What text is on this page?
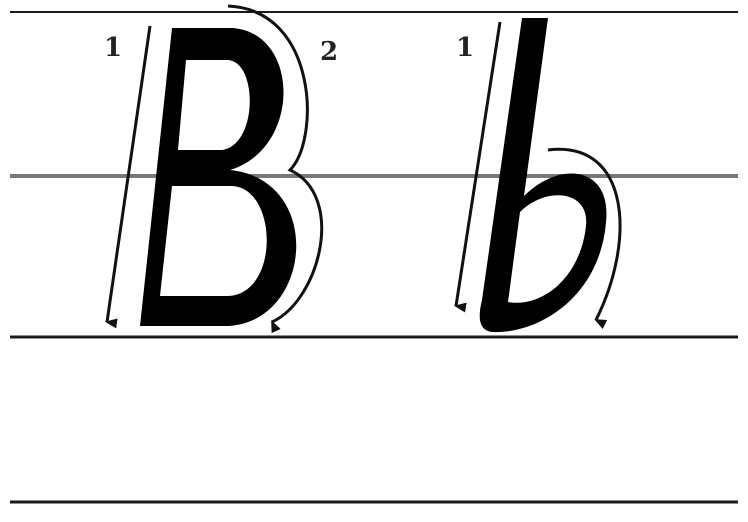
1	2	1
